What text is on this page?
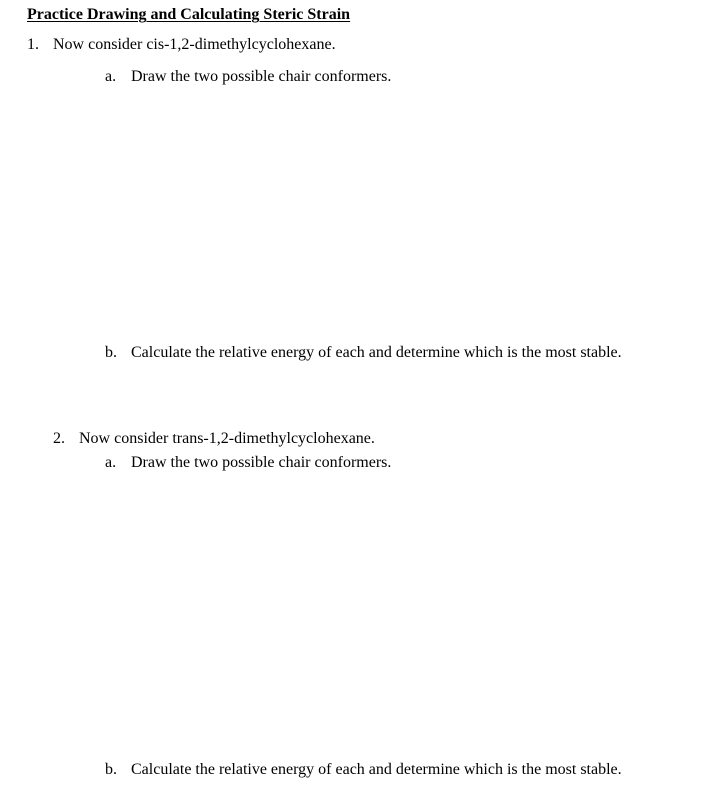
Practice Drawing and Calculating Steric Strain
1. Now consider cis-1,2-dimethylcyclohexane.
a. Draw the two possible chair conformers.
b. Calculate the relative energy of each and determine which is the most stable.
2. Now consider trans-1,2-dimethylcyclohexane.
a. Draw the two possible chair conformers.
b. Calculate the relative energy of each and determine which is the most stable.
